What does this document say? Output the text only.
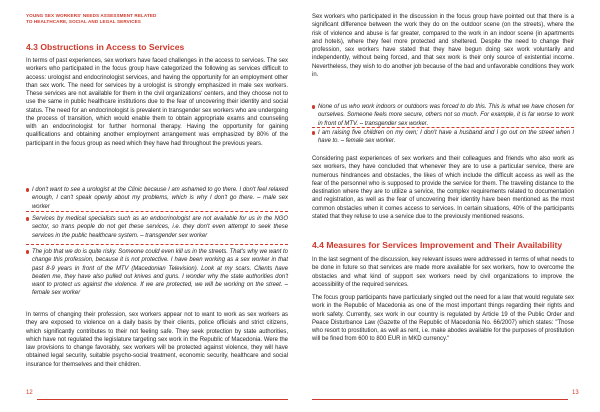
YOUNG SEX WORKERS' NEEDS ASSESSMENT RELATED
TO HEALTHCARE, SOCIAL AND LEGAL SERVICES
4.3 Obstructions in Access to Services

In terms of past experiences, sex workers have faced challenges in the access to services. The sex workers who participated in the focus group have categorized the following as services difficult to access: urologist and endocrinologist services, and having the opportunity for an employment other than sex work. The need for services by a urologist is strongly emphasized in male sex workers. These services are not available for them in the civil organizations' centers, and they choose not to use the same in public healthcare institutions due to the fear of uncovering their identity and social status. The need for an endocrinologist is prevalent in transgender sex workers who are undergoing the process of transition, which would enable them to obtain appropriate exams and counseling with an endocrinologist for further hormonal therapy. Having the opportunity for gaining qualifications and obtaining another employment arrangement was emphasized by 80% of the participant in the focus group as need which they have had throughout the previous years.

I don't want to see a urologist at the Clinic because I am ashamed to go there. I don't feel relaxed enough, I can't speak openly about my problems, which is why I don't go there. – male sex worker
Services by medical specialists such as an endocrinologist are not available for us in the NGO sector, so trans people do not get these services, i.e. they don't even attempt to seek these services in the public healthcare system. – transgender sex worker
The job that we do is quite risky. Someone could even kill us in the streets. That's why we want to change this profession, because it is not protective. I have been working as a sex worker in that past 8-9 years in front of the MTV (Macedonian Television). Look at my scars. Clients have beaten me, they have also pulled out knives and guns. I wonder why the state authorities don't want to protect us against the violence. If we are protected, we will be working on the street. – female sex worker

In terms of changing their profession, sex workers appear not to want to work as sex workers as they are exposed to violence on a daily basis by their clients, police officials and strict citizens, which significantly contributes to their not feeling safe. They seek protection by state authorities, which have not regulated the legislature targeting sex work in the Republic of Macedonia. Were the law provisions to change favorably, sex workers will be protected against violence, they will have obtained legal security, suitable psycho-social treatment, economic security, healthcare and social insurance for themselves and their children.

12

Sex workers who participated in the discussion in the focus group have pointed out that there is a significant difference between the work they do on the outdoor scene (on the streets), where the risk of violence and abuse is far greater, compared to the work in an indoor scene (in apartments and hotels), where they feel more protected and sheltered. Despite the need to change their profession, sex workers have stated that they have begun doing sex work voluntarily and independently, without being forced, and that sex work is their only source of existential income. Nevertheless, they wish to do another job because of the bad and unfavorable conditions they work in.

None of us who work indoors or outdoors was forced to do this. This is what we have chosen for ourselves. Someone feels more secure, others not so much. For example, it is far worse to work in front of MTV. – transgender sex worker.
I am raising five children on my own; I don't have a husband and I go out on the street when I have to. – female sex worker.

Considering past experiences of sex workers and their colleagues and friends who also work as sex workers, they have concluded that whenever they are to use a particular service, there are numerous hindrances and obstacles, the likes of which include the difficult access as well as the fear of the personnel who is supposed to provide the service for them. The traveling distance to the destination where they are to utilize a service, the complex requirements related to documentation and registration, as well as the fear of uncovering their identity have been mentioned as the most common obstacles when it comes access to services. In certain situations, 40% of the participants stated that they refuse to use a service due to the previously mentioned reasons.

4.4 Measures for Services Improvement and Their Availability

In the last segment of the discussion, key relevant issues were addressed in terms of what needs to be done in future so that services are made more available for sex workers, how to overcome the obstacles and what kind of support sex workers need by civil organizations to improve the accessibility of the required services.

The focus group participants have particularly singled out the need for a law that would regulate sex work in the Republic of Macedonia as one of the most important things regarding their rights and work safety. Currently, sex work in our country is regulated by Article 19 of the Public Order and Peace Disturbance Law (Gazette of the Republic of Macedonia No. 66/2007) which states: "Those who resort to prostitution, as well as rent, i.e. make abodes available for the purposes of prostitution will be fined from 600 to 800 EUR in MKD currency."

13
